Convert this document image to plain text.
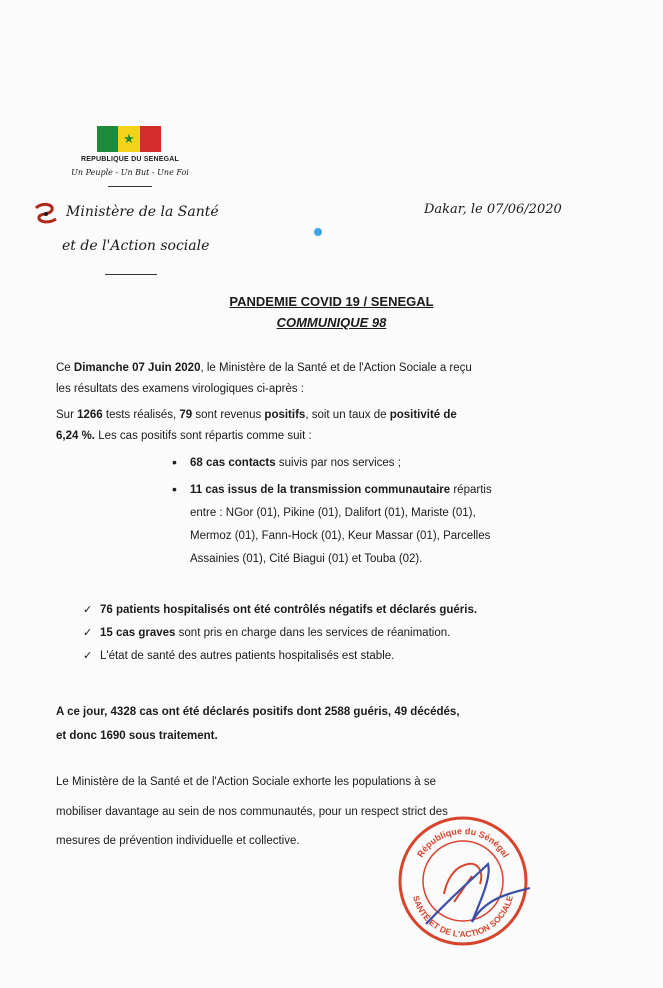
★
REPUBLIQUE DU SENEGAL
Un Peuple - Un But - Une Foi
Ministère de la Santé
et de l'Action sociale
Dakar, le 07/06/2020
PANDEMIE COVID 19 / SENEGAL
COMMUNIQUE 98
Ce Dimanche 07 Juin 2020, le Ministère de la Santé et de l'Action Sociale a reçu
les résultats des examens virologiques ci-après :
Sur 1266 tests réalisés, 79 sont revenus positifs, soit un taux de positivité de
6,24 %. Les cas positifs sont répartis comme suit :
• 68 cas contacts suivis par nos services ;
• 11 cas issus de la transmission communautaire répartis
entre : NGor (01), Pikine (01), Dalifort (01), Mariste (01),
Mermoz (01), Fann-Hock (01), Keur Massar (01), Parcelles
Assainies (01), Cité Biagui (01) et Touba (02).
✓ 76 patients hospitalisés ont été contrôlés négatifs et déclarés guéris.
✓ 15 cas graves sont pris en charge dans les services de réanimation.
✓ L'état de santé des autres patients hospitalisés est stable.
A ce jour, 4328 cas ont été déclarés positifs dont 2588 guéris, 49 décédés,
et donc 1690 sous traitement.
Le Ministère de la Santé et de l'Action Sociale exhorte les populations à se
mobiliser davantage au sein de nos communautés, pour un respect strict des
mesures de prévention individuelle et collective.
République du Sénégal
SANTÉ ET DE L'ACTION SOCIALE
